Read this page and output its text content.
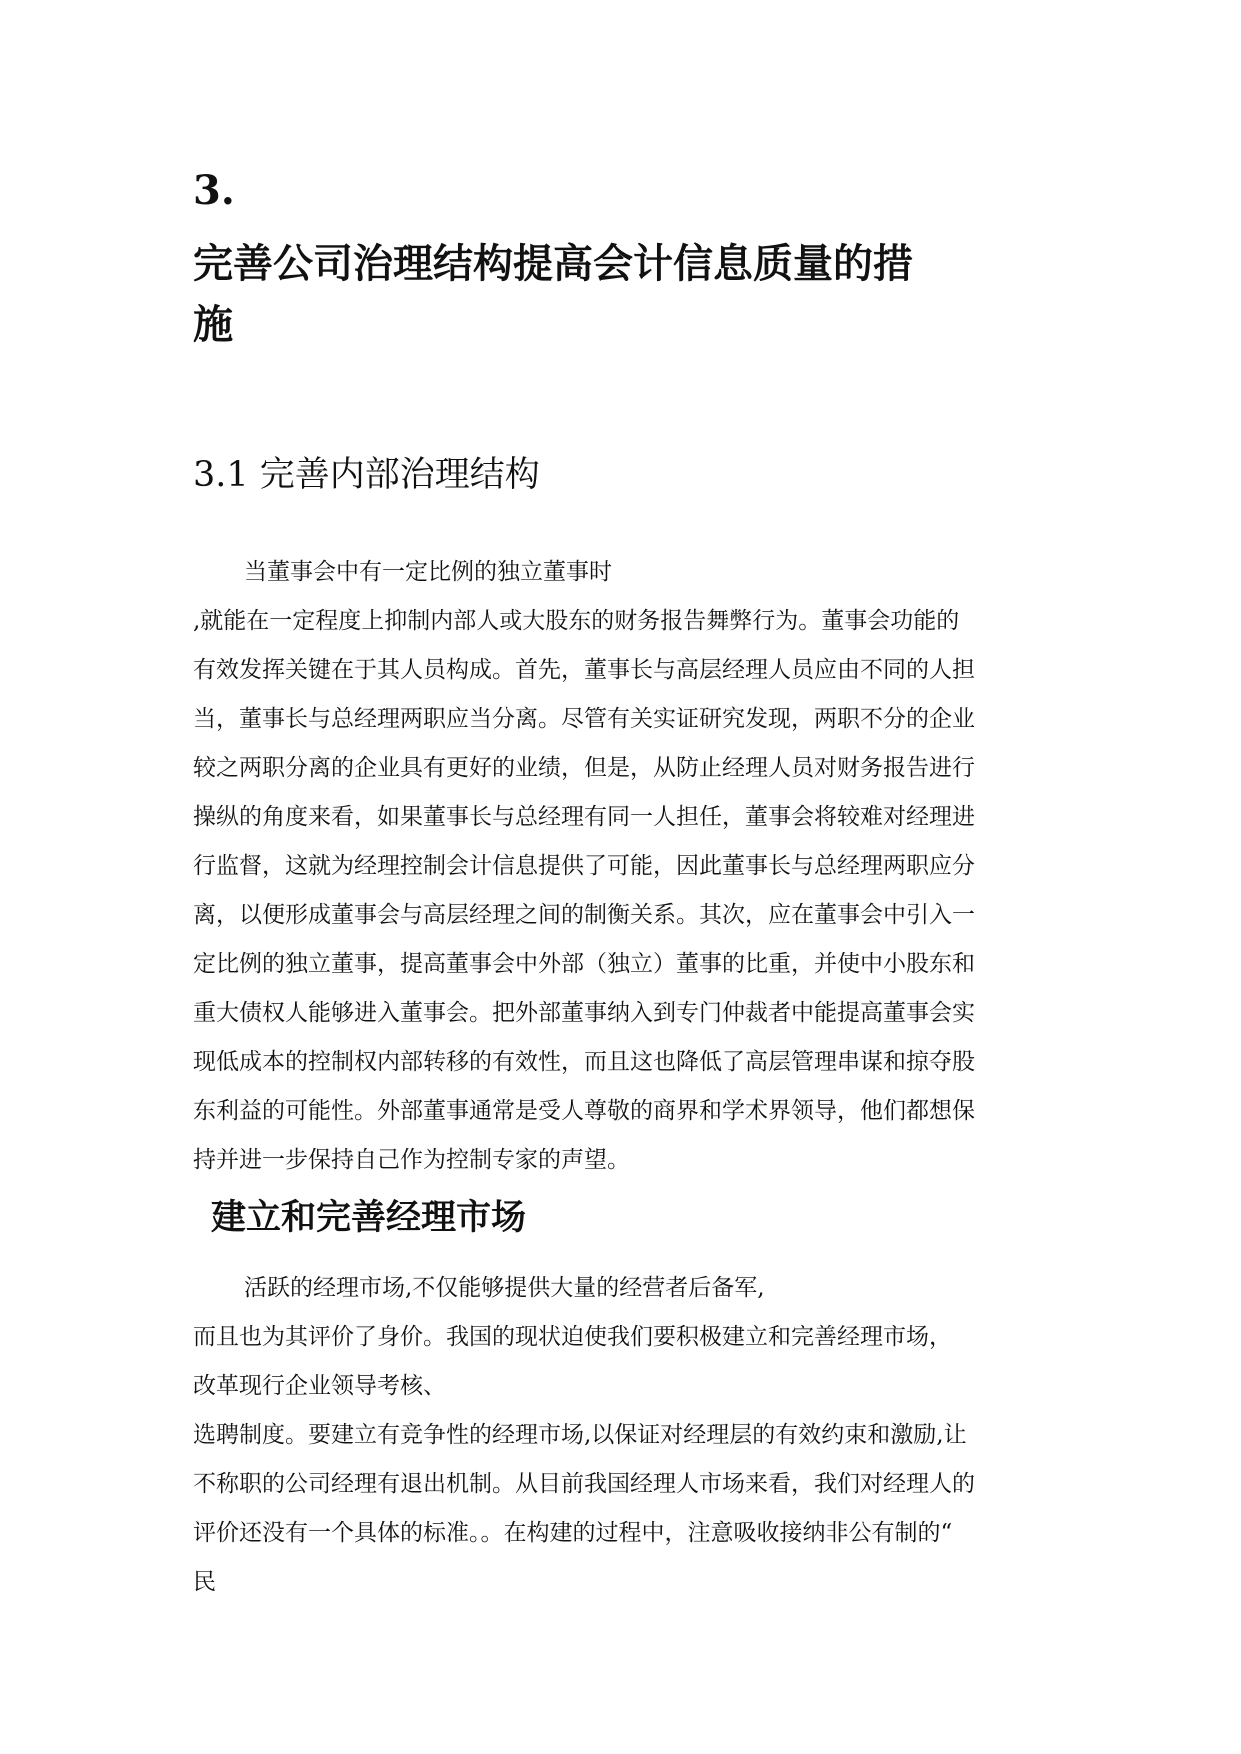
3.
完善公司治理结构提高会计信息质量的措
施
3.1 完善内部治理结构
当董事会中有一定比例的独立董事时
,就能在一定程度上抑制内部人或大股东的财务报告舞弊行为。董事会功能的
有效发挥关键在于其人员构成。首先，董事长与高层经理人员应由不同的人担
当，董事长与总经理两职应当分离。尽管有关实证研究发现，两职不分的企业
较之两职分离的企业具有更好的业绩，但是，从防止经理人员对财务报告进行
操纵的角度来看，如果董事长与总经理有同一人担任，董事会将较难对经理进
行监督，这就为经理控制会计信息提供了可能，因此董事长与总经理两职应分
离，以便形成董事会与高层经理之间的制衡关系。其次，应在董事会中引入一
定比例的独立董事，提高董事会中外部（独立）董事的比重，并使中小股东和
重大债权人能够进入董事会。把外部董事纳入到专门仲裁者中能提高董事会实
现低成本的控制权内部转移的有效性，而且这也降低了高层管理串谋和掠夺股
东利益的可能性。外部董事通常是受人尊敬的商界和学术界领导，他们都想保
持并进一步保持自己作为控制专家的声望。
建立和完善经理市场
活跃的经理市场,不仅能够提供大量的经营者后备军,
而且也为其评价了身价。我国的现状迫使我们要积极建立和完善经理市场，
改革现行企业领导考核、
选聘制度。要建立有竞争性的经理市场,以保证对经理层的有效约束和激励,让
不称职的公司经理有退出机制。从目前我国经理人市场来看，我们对经理人的
评价还没有一个具体的标准。。在构建的过程中，注意吸收接纳非公有制的“
民
